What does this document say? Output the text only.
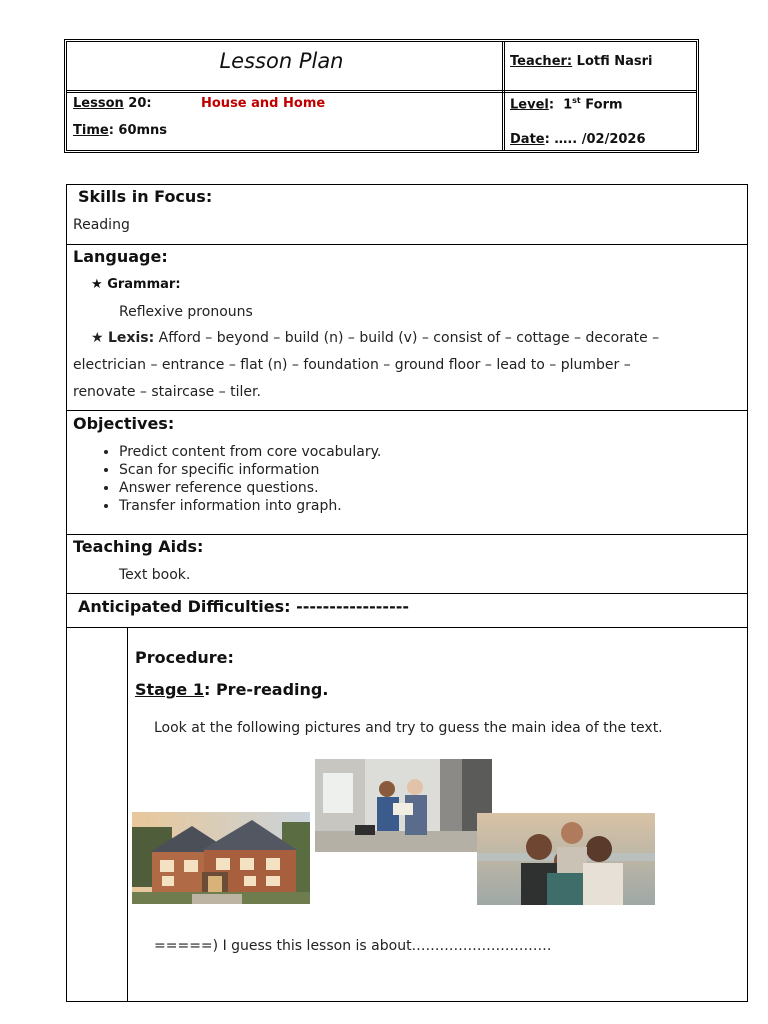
Lesson Plan	Teacher: Lotfi Nasri
Lesson 20:	House and Home
Time: 60mns
Level:  1st Form
Date: ….. /02/2026
Skills in Focus:
Reading
Language:
★ Grammar:
Reflexive pronouns
★ Lexis: Afford – beyond – build (n) – build (v) – consist of – cottage – decorate –
electrician – entrance – flat (n) – foundation – ground floor – lead to – plumber –
renovate – staircase – tiler.
Objectives:
• Predict content from core vocabulary.
• Scan for specific information
• Answer reference questions.
• Transfer information into graph.
Teaching Aids:
Text book.
Anticipated Difficulties: -----------------
Procedure:
Stage 1: Pre-reading.
Look at the following pictures and try to guess the main idea of the text.
=====) I guess this lesson is about…………………………
